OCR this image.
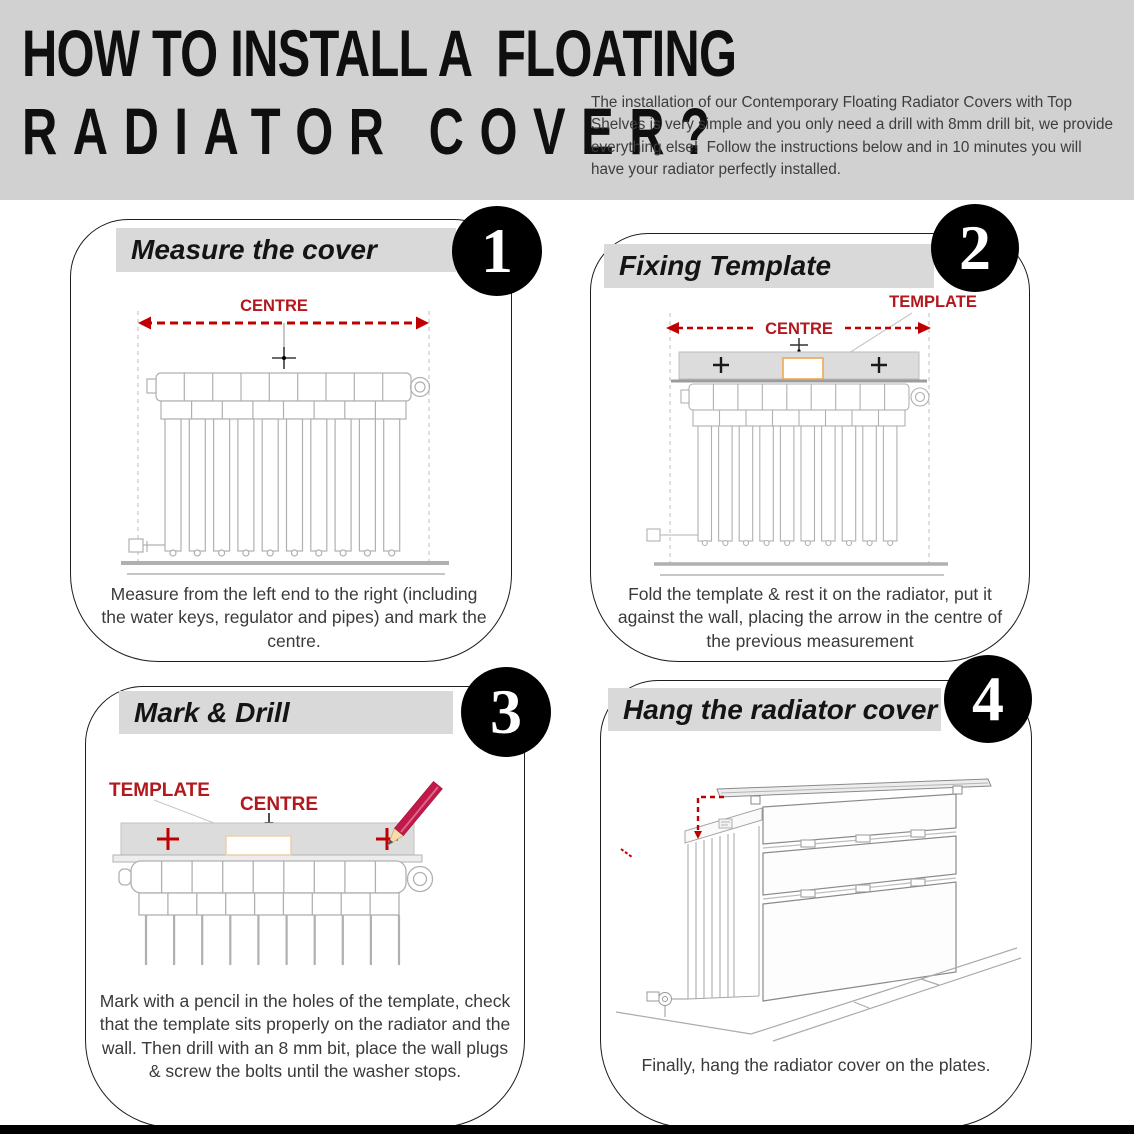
HOW TO INSTALL A  FLOATING
RADIATOR COVER?
The installation of our Contemporary Floating Radiator Covers with Top Shelves is very simple and you only need a drill with 8mm drill bit, we provide everything else!  Follow the instructions below and in 10 minutes you will have your radiator perfectly installed.
CENTRE
Measure the cover
Measure from the left end to the right (including the water keys, regulator and pipes) and mark the centre.
TEMPLATE
CENTRE
Fixing Template
Fold the template & rest it on the radiator, put it against the wall, placing the arrow in the centre of the previous measurement
TEMPLATE
CENTRE
Mark & Drill
Mark with a pencil in the holes of the template, check that the template sits properly on the radiator and the wall. Then drill with an 8 mm bit, place the wall plugs & screw the bolts until the washer stops.
Hang the radiator cover
Finally, hang the radiator cover on the plates.
1	2
3	4
